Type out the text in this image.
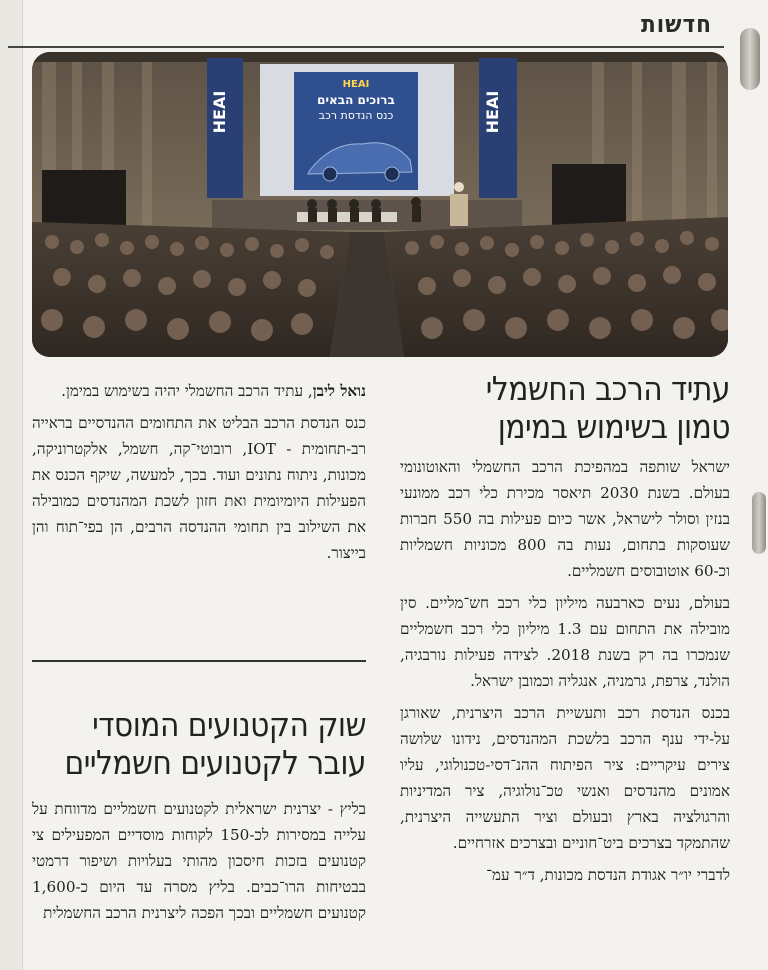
חדשות
HEAI	HEAI
HEAI
ברוכים הבאים
כנס הנדסת רכב
עתיד הרכב החשמלי
טמון בשימוש במימן

ישראל שותפה במהפיכת הרכב החשמלי והאוטונומי בעולם. בשנת 2030 תיאסר מכירת כלי רכב ממונעי בנזין וסולר לישראל, אשר כיום פעילות בה 550 חברות שעוסקות בתחום, נעות בה 800 מכוניות חשמליות וכ-60 אוטובוסים חשמליים.

בעולם, נעים כארבעה מיליון כלי רכב חש־מליים. סין מובילה את התחום עם 1.3 מיליון כלי רכב חשמליים שנמכרו בה רק בשנת 2018. לצידה פעילות נורבגיה, הולנד, צרפת, גרמניה, אנגליה וכמובן ישראל.

בכנס הנדסת רכב ותעשיית הרכב היצרנית, שאורגן על-ידי ענף הרכב בלשכת המהנדסים, נידונו שלושה צירים עיקריים: ציר הפיתוח ההנ־דסי-טכנולוגי, עליו אמונים מהנדסים ואנשי טכ־נולוגיה, ציר המדיניות והרגולציה בארץ ובעולם וציר התעשייה היצרנית, שהתמקד בצרכים ביט־חוניים ובצרכים אזרחיים.

לדברי יו״ר אגודת הנדסת מכונות, ד״ר עמ־

נואל ליבן, עתיד הרכב החשמלי יהיה בשימוש במימן.

כנס הנדסת הרכב הבליט את התחומים ההנדסיים בראייה רב-תחומית - IOT, רובוטי־קה, חשמל, אלקטרוניקה, מכונות, ניתוח נתונים ועוד. בכך, למעשה, שיקף הכנס את הפעילות היומיומית ואת חזון לשכת המהנדסים כמובילה את השילוב בין תחומי ההנדסה הרבים, הן בפי־תוח והן בייצור.

שוק הקטנועים המוסדי
עובר לקטנועים חשמליים

בליץ - יצרנית ישראלית לקטנועים חשמליים מדווחת על עלייה במסירות לכ-150 לקוחות מוסדיים המפעילים צי קטנועים בזכות חיסכון מהותי בעלויות ושיפור דרמטי בבטיחות הרו־כבים. בליץ מסרה עד היום כ-1,600 קטנועים חשמליים ובכך הפכה ליצרנית הרכב החשמלית
